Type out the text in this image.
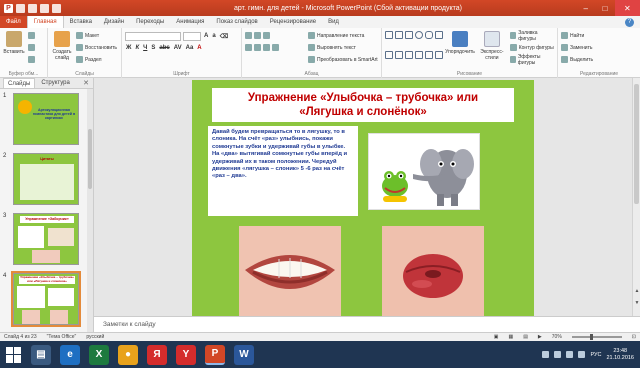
P	арт. гимн. для детей - Microsoft PowerPoint (Сбой активации продукта)	–	□	✕
Файл	Главная	Вставка	Дизайн	Переходы	Анимация	Показ слайдов	Рецензирование	Вид	?
Вставить
Буфер обм...
Создать слайд
Макет
Восстановить
Раздел
Слайды
A a ⌫
Ж К Ч S abc AV Aa A
Шрифт
Направление текста
Выровнять текст
Преобразовать в SmartArt
Абзац
Упорядочить	Экспресс-стили
Заливка фигуры
Контур фигуры
Эффекты фигуры
Рисование
Найти
Заменить
Выделить
Редактирование
Слайды	Структура	✕
1
Артикуляционная гимнастика для детей в картинках
2	Цитаты
3	Упражнение «Заборчик»
4	Упражнение «Улыбочка – трубочка» или «Лягушка и слонёнок»
Упражнение «Улыбочка – трубочка» или
«Лягушка и слонёнок»

Давай будем превращаться то в лягушку, то в слоника. На счёт «раз» улыбнись, покажи сомкнутые зубки и удерживай губы в улыбке. На «два» вытягивай сомкнутые губы вперёд и удерживай их в таком положении. Чередуй движения «лягушка – слоник» 5 -6 раз на счёт «раз – два».

▲
▼
Заметки к слайду
Слайд 4 из 23 "Тема Office" русский	▣ ▦ ▤ ▶ 70%	⊡
▤	e	X	●	Я	Y	P	W	РУС
23:48
21.10.2016
